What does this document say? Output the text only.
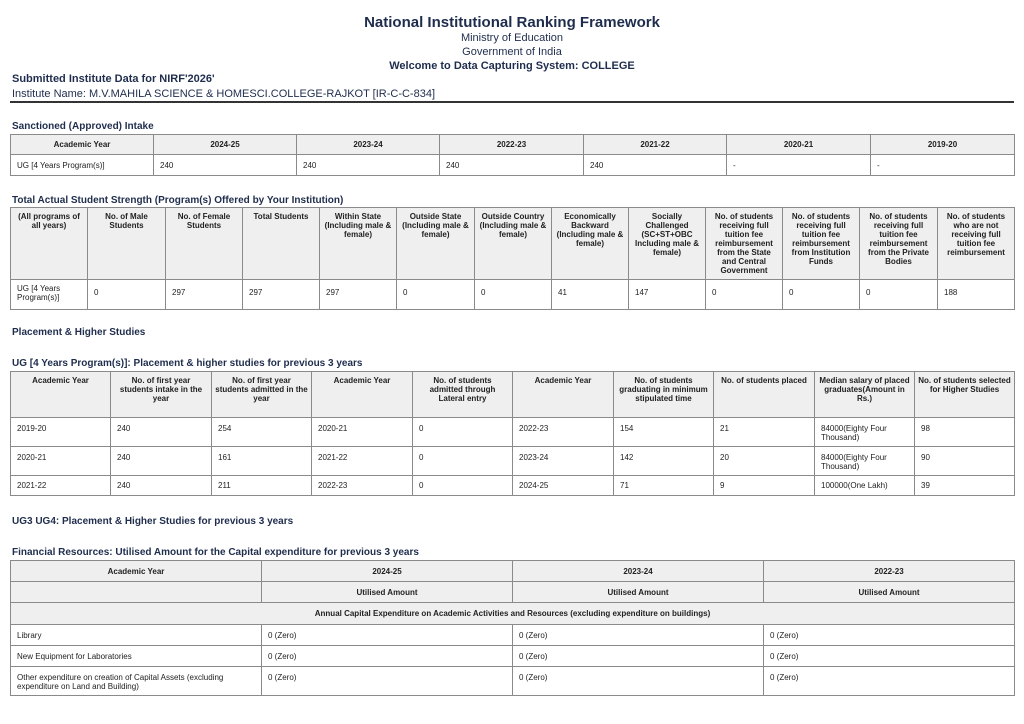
National Institutional Ranking Framework
Ministry of Education
Government of India
Welcome to Data Capturing System: COLLEGE
Submitted Institute Data for NIRF'2026'
Institute Name: M.V.MAHILA SCIENCE & HOMESCI.COLLEGE-RAJKOT [IR-C-C-834]
Sanctioned (Approved) Intake
Academic Year	2024-25	2023-24	2022-23	2021-22	2020-21	2019-20
UG [4 Years Program(s)]	240	240	240	240	-	-
Total Actual Student Strength (Program(s) Offered by Your Institution)
(All programs of all years)	No. of Male Students	No. of Female Students	Total Students	Within State (Including male & female)	Outside State (Including male & female)	Outside Country (Including male & female)	Economically Backward (Including male & female)	Socially Challenged (SC+ST+OBC Including male & female)	No. of students receiving full tuition fee reimbursement from the State and Central Government	No. of students receiving full tuition fee reimbursement from Institution Funds	No. of students receiving full tuition fee reimbursement from the Private Bodies	No. of students who are not receiving full tuition fee reimbursement
UG [4 Years Program(s)]	0	297	297	297	0	0	41	147	0	0	0	188
Placement & Higher Studies
UG [4 Years Program(s)]: Placement & higher studies for previous 3 years
Academic Year	No. of first year students intake in the year	No. of first year students admitted in the year	Academic Year	No. of students admitted through Lateral entry	Academic Year	No. of students graduating in minimum stipulated time	No. of students placed	Median salary of placed graduates(Amount in Rs.)	No. of students selected for Higher Studies
2019-20	240	254	2020-21	0	2022-23	154	21	84000(Eighty Four Thousand)	98
2020-21	240	161	2021-22	0	2023-24	142	20	84000(Eighty Four Thousand)	90
2021-22	240	211	2022-23	0	2024-25	71	9	100000(One Lakh)	39
UG3 UG4: Placement & Higher Studies for previous 3 years
Financial Resources: Utilised Amount for the Capital expenditure for previous 3 years
Academic Year	2024-25	2023-24	2022-23
	Utilised Amount	Utilised Amount	Utilised Amount
Annual Capital Expenditure on Academic Activities and Resources (excluding expenditure on buildings)			
Library	0 (Zero)	0 (Zero)	0 (Zero)
New Equipment for Laboratories	0 (Zero)	0 (Zero)	0 (Zero)
Other expenditure on creation of Capital Assets (excluding expenditure on Land and Building)	0 (Zero)	0 (Zero)	0 (Zero)
